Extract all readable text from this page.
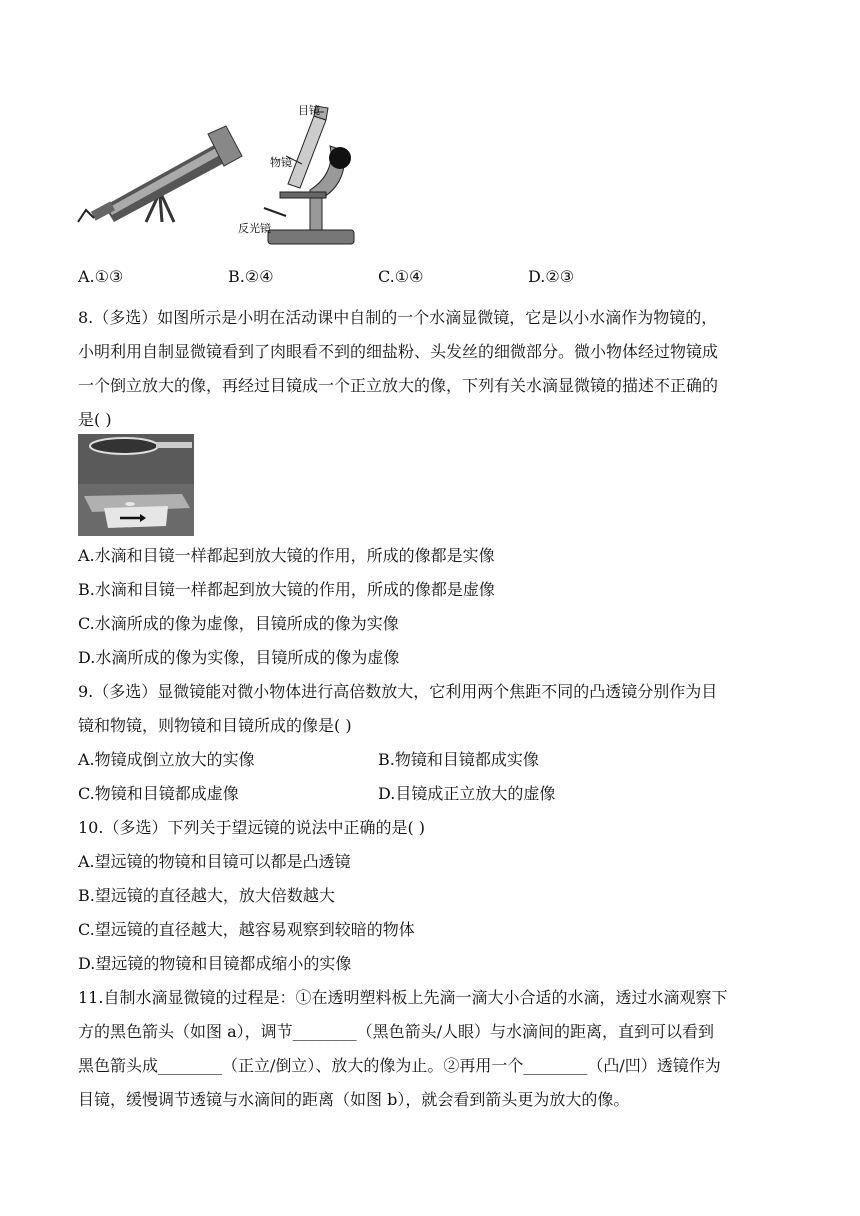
目镜
物镜
反光镜
A.①③	B.②④	C.①④	D.②③
8.（多选）如图所示是小明在活动课中自制的一个水滴显微镜，它是以小水滴作为物镜的，
小明利用自制显微镜看到了肉眼看不到的细盐粉、头发丝的细微部分。微小物体经过物镜成
一个倒立放大的像，再经过目镜成一个正立放大的像，下列有关水滴显微镜的描述不正确的
是( )
A.水滴和目镜一样都起到放大镜的作用，所成的像都是实像
B.水滴和目镜一样都起到放大镜的作用，所成的像都是虚像
C.水滴所成的像为虚像，目镜所成的像为实像
D.水滴所成的像为实像，目镜所成的像为虚像
9.（多选）显微镜能对微小物体进行高倍数放大，它利用两个焦距不同的凸透镜分别作为目
镜和物镜，则物镜和目镜所成的像是( )
A.物镜成倒立放大的实像	B.物镜和目镜都成实像
C.物镜和目镜都成虚像	D.目镜成正立放大的虚像
10.（多选）下列关于望远镜的说法中正确的是( )
A.望远镜的物镜和目镜可以都是凸透镜
B.望远镜的直径越大，放大倍数越大
C.望远镜的直径越大，越容易观察到较暗的物体
D.望远镜的物镜和目镜都成缩小的实像
11.自制水滴显微镜的过程是：①在透明塑料板上先滴一滴大小合适的水滴，透过水滴观察下
方的黑色箭头（如图 a），调节________（黑色箭头/人眼）与水滴间的距离，直到可以看到
黑色箭头成________（正立/倒立）、放大的像为止。②再用一个________（凸/凹）透镜作为
目镜，缓慢调节透镜与水滴间的距离（如图 b），就会看到箭头更为放大的像。
